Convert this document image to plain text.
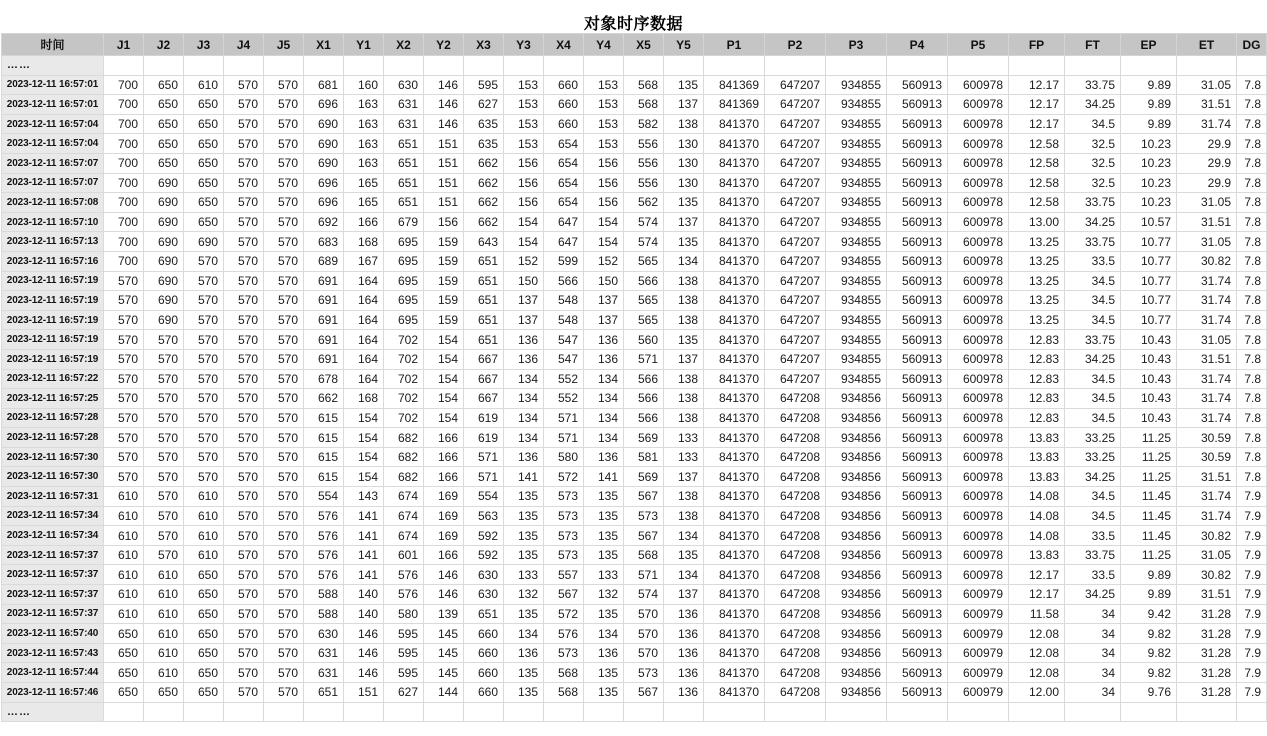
对象时序数据
时间	J1	J2	J3	J4	J5	X1	Y1	X2	Y2	X3	Y3	X4	Y4	X5	Y5	P1	P2	P3	P4	P5	FP	FT	EP	ET	DG
……																									
2023-12-11 16:57:01	700	650	610	570	570	681	160	630	146	595	153	660	153	568	135	841369	647207	934855	560913	600978	12.17	33.75	9.89	31.05	7.8
2023-12-11 16:57:01	700	650	650	570	570	696	163	631	146	627	153	660	153	568	137	841369	647207	934855	560913	600978	12.17	34.25	9.89	31.51	7.8
2023-12-11 16:57:04	700	650	650	570	570	690	163	631	146	635	153	660	153	582	138	841370	647207	934855	560913	600978	12.17	34.5	9.89	31.74	7.8
2023-12-11 16:57:04	700	650	650	570	570	690	163	651	151	635	153	654	153	556	130	841370	647207	934855	560913	600978	12.58	32.5	10.23	29.9	7.8
2023-12-11 16:57:07	700	650	650	570	570	690	163	651	151	662	156	654	156	556	130	841370	647207	934855	560913	600978	12.58	32.5	10.23	29.9	7.8
2023-12-11 16:57:07	700	690	650	570	570	696	165	651	151	662	156	654	156	556	130	841370	647207	934855	560913	600978	12.58	32.5	10.23	29.9	7.8
2023-12-11 16:57:08	700	690	650	570	570	696	165	651	151	662	156	654	156	562	135	841370	647207	934855	560913	600978	12.58	33.75	10.23	31.05	7.8
2023-12-11 16:57:10	700	690	650	570	570	692	166	679	156	662	154	647	154	574	137	841370	647207	934855	560913	600978	13.00	34.25	10.57	31.51	7.8
2023-12-11 16:57:13	700	690	690	570	570	683	168	695	159	643	154	647	154	574	135	841370	647207	934855	560913	600978	13.25	33.75	10.77	31.05	7.8
2023-12-11 16:57:16	700	690	570	570	570	689	167	695	159	651	152	599	152	565	134	841370	647207	934855	560913	600978	13.25	33.5	10.77	30.82	7.8
2023-12-11 16:57:19	570	690	570	570	570	691	164	695	159	651	150	566	150	566	138	841370	647207	934855	560913	600978	13.25	34.5	10.77	31.74	7.8
2023-12-11 16:57:19	570	690	570	570	570	691	164	695	159	651	137	548	137	565	138	841370	647207	934855	560913	600978	13.25	34.5	10.77	31.74	7.8
2023-12-11 16:57:19	570	690	570	570	570	691	164	695	159	651	137	548	137	565	138	841370	647207	934855	560913	600978	13.25	34.5	10.77	31.74	7.8
2023-12-11 16:57:19	570	570	570	570	570	691	164	702	154	651	136	547	136	560	135	841370	647207	934855	560913	600978	12.83	33.75	10.43	31.05	7.8
2023-12-11 16:57:19	570	570	570	570	570	691	164	702	154	667	136	547	136	571	137	841370	647207	934855	560913	600978	12.83	34.25	10.43	31.51	7.8
2023-12-11 16:57:22	570	570	570	570	570	678	164	702	154	667	134	552	134	566	138	841370	647207	934855	560913	600978	12.83	34.5	10.43	31.74	7.8
2023-12-11 16:57:25	570	570	570	570	570	662	168	702	154	667	134	552	134	566	138	841370	647208	934856	560913	600978	12.83	34.5	10.43	31.74	7.8
2023-12-11 16:57:28	570	570	570	570	570	615	154	702	154	619	134	571	134	566	138	841370	647208	934856	560913	600978	12.83	34.5	10.43	31.74	7.8
2023-12-11 16:57:28	570	570	570	570	570	615	154	682	166	619	134	571	134	569	133	841370	647208	934856	560913	600978	13.83	33.25	11.25	30.59	7.8
2023-12-11 16:57:30	570	570	570	570	570	615	154	682	166	571	136	580	136	581	133	841370	647208	934856	560913	600978	13.83	33.25	11.25	30.59	7.8
2023-12-11 16:57:30	570	570	570	570	570	615	154	682	166	571	141	572	141	569	137	841370	647208	934856	560913	600978	13.83	34.25	11.25	31.51	7.8
2023-12-11 16:57:31	610	570	610	570	570	554	143	674	169	554	135	573	135	567	138	841370	647208	934856	560913	600978	14.08	34.5	11.45	31.74	7.9
2023-12-11 16:57:34	610	570	610	570	570	576	141	674	169	563	135	573	135	573	138	841370	647208	934856	560913	600978	14.08	34.5	11.45	31.74	7.9
2023-12-11 16:57:34	610	570	610	570	570	576	141	674	169	592	135	573	135	567	134	841370	647208	934856	560913	600978	14.08	33.5	11.45	30.82	7.9
2023-12-11 16:57:37	610	570	610	570	570	576	141	601	166	592	135	573	135	568	135	841370	647208	934856	560913	600978	13.83	33.75	11.25	31.05	7.9
2023-12-11 16:57:37	610	610	650	570	570	576	141	576	146	630	133	557	133	571	134	841370	647208	934856	560913	600978	12.17	33.5	9.89	30.82	7.9
2023-12-11 16:57:37	610	610	650	570	570	588	140	576	146	630	132	567	132	574	137	841370	647208	934856	560913	600979	12.17	34.25	9.89	31.51	7.9
2023-12-11 16:57:37	610	610	650	570	570	588	140	580	139	651	135	572	135	570	136	841370	647208	934856	560913	600979	11.58	34	9.42	31.28	7.9
2023-12-11 16:57:40	650	610	650	570	570	630	146	595	145	660	134	576	134	570	136	841370	647208	934856	560913	600979	12.08	34	9.82	31.28	7.9
2023-12-11 16:57:43	650	610	650	570	570	631	146	595	145	660	136	573	136	570	136	841370	647208	934856	560913	600979	12.08	34	9.82	31.28	7.9
2023-12-11 16:57:44	650	610	650	570	570	631	146	595	145	660	135	568	135	573	136	841370	647208	934856	560913	600979	12.08	34	9.82	31.28	7.9
2023-12-11 16:57:46	650	650	650	570	570	651	151	627	144	660	135	568	135	567	136	841370	647208	934856	560913	600979	12.00	34	9.76	31.28	7.9
……																									
